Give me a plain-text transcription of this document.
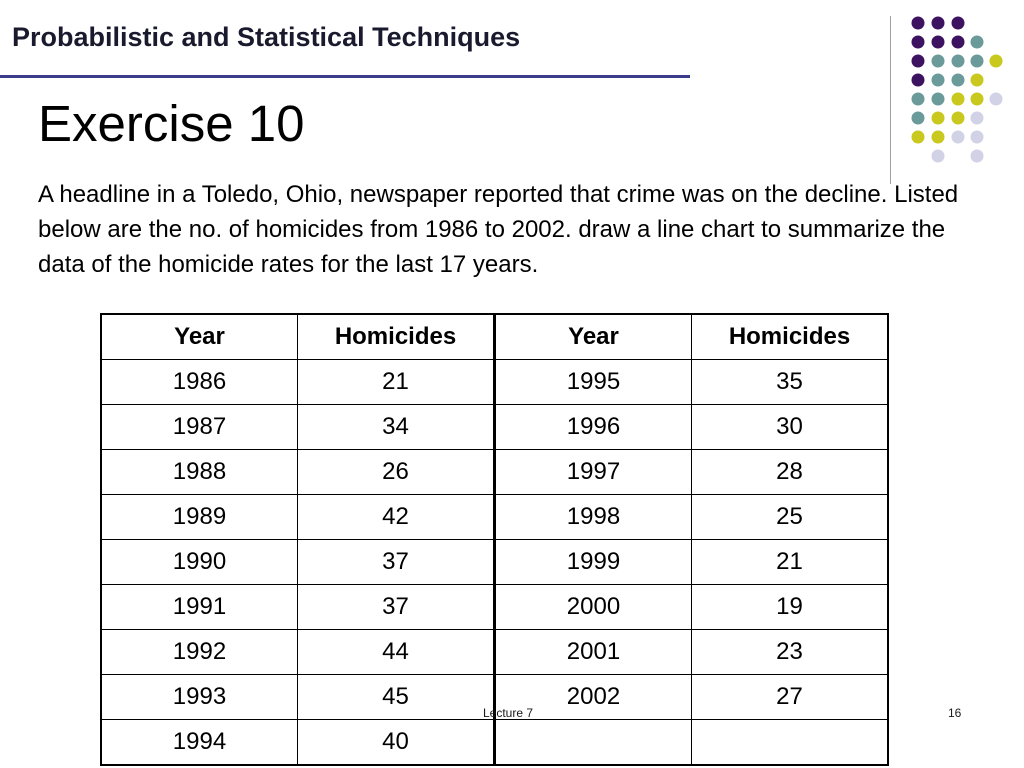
Probabilistic and Statistical Techniques
Exercise 10
A headline in a Toledo, Ohio, newspaper reported that crime was on the decline. Listed below are the no. of homicides from 1986 to 2002. draw a line chart to summarize the data of the homicide rates for the last 17 years.
Year	Homicides	Year	Homicides
1986	21	1995	35
1987	34	1996	30
1988	26	1997	28
1989	42	1998	25
1990	37	1999	21
1991	37	2000	19
1992	44	2001	23
1993	45	2002	27
1994	40		
Lecture 7	16
